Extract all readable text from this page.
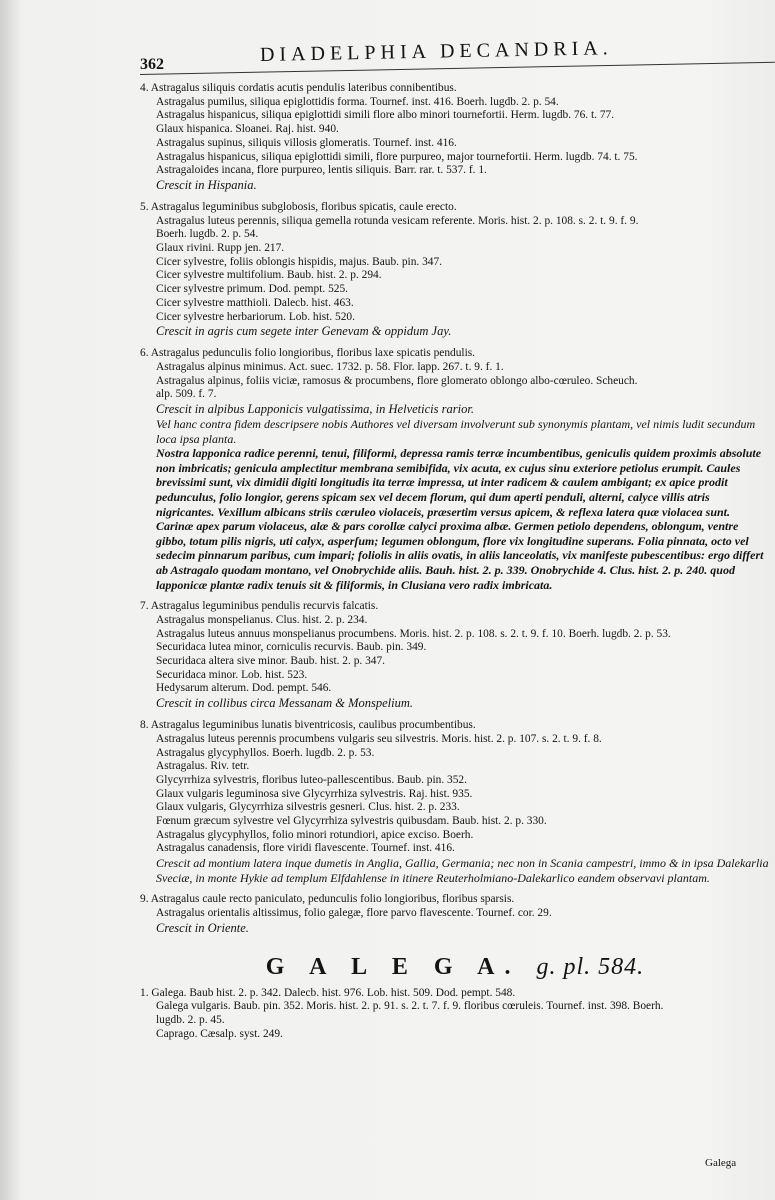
362	DIADELPHIA DECANDRIA.
4. Astragalus siliquis cordatis acutis pendulis lateribus connibentibus.
Astragalus pumilus, siliqua epiglottidis forma. Tournef. inst. 416. Boerh. lugdb. 2. p. 54.
Astragalus hispanicus, siliqua epiglottidi simili flore albo minori tournefortii. Herm. lugdb. 76. t. 77.
Glaux hispanica. Sloanei. Raj. hist. 940.
Astragalus supinus, siliquis villosis glomeratis. Tournef. inst. 416.
Astragalus hispanicus, siliqua epiglottidi simili, flore purpureo, major tournefortii. Herm. lugdb. 74. t. 75.
Astragaloides incana, flore purpureo, lentis siliquis. Barr. rar. t. 537. f. 1.
Crescit in Hispania.
5. Astragalus leguminibus subglobosis, floribus spicatis, caule erecto.
Astragalus luteus perennis, siliqua gemella rotunda vesicam referente. Moris. hist. 2. p. 108. s. 2. t. 9. f. 9.
Boerh. lugdb. 2. p. 54.
Glaux rivini. Rupp jen. 217.
Cicer sylvestre, foliis oblongis hispidis, majus. Baub. pin. 347.
Cicer sylvestre multifolium. Baub. hist. 2. p. 294.
Cicer sylvestre primum. Dod. pempt. 525.
Cicer sylvestre matthioli. Dalecb. hist. 463.
Cicer sylvestre herbariorum. Lob. hist. 520.
Crescit in agris cum segete inter Genevam & oppidum Jay.
6. Astragalus pedunculis folio longioribus, floribus laxe spicatis pendulis.
Astragalus alpinus minimus. Act. suec. 1732. p. 58. Flor. lapp. 267. t. 9. f. 1.
Astragalus alpinus, foliis viciæ, ramosus & procumbens, flore glomerato oblongo albo-cœruleo. Scheuch.
alp. 509. f. 7.
Crescit in alpibus Lapponicis vulgatissima, in Helveticis rarior.
Vel hanc contra fidem descripsere nobis Authores vel diversam involverunt sub synonymis plantam, vel nimis ludit secundum loca ipsa planta.
Nostra lapponica radice perenni, tenui, filiformi, depressa ramis terræ incumbentibus, geniculis quidem proximis absolute non imbricatis; genicula amplectitur membrana semibifida, vix acuta, ex cujus sinu exteriore petiolus erumpit. Caules brevissimi sunt, vix dimidii digiti longitudis ita terræ impressa, ut inter radicem & caulem ambigant; ex apice prodit pedunculus, folio longior, gerens spicam sex vel decem florum, qui dum aperti penduli, alterni, calyce villis atris nigricantes. Vexillum albicans striis cæruleo violaceis, præsertim versus apicem, & reflexa latera quæ violacea sunt. Carinæ apex parum violaceus, alæ & pars corollæ calyci proxima albæ. Germen petiolo dependens, oblongum, ventre gibbo, totum pilis nigris, uti calyx, asperſum; legumen oblongum, flore vix longitudine superans. Folia pinnata, octo vel sedecim pinnarum paribus, cum impari; foliolis in aliis ovatis, in aliis lanceolatis, vix manifeste pubescentibus: ergo differt ab Astragalo quodam montano, vel Onobrychide aliis. Bauh. hist. 2. p. 339. Onobrychide 4. Clus. hist. 2. p. 240. quod lapponicæ plantæ radix tenuis sit & filiformis, in Clusiana vero radix imbricata.
7. Astragalus leguminibus pendulis recurvis falcatis.
Astragalus monspelianus. Clus. hist. 2. p. 234.
Astragalus luteus annuus monspelianus procumbens. Moris. hist. 2. p. 108. s. 2. t. 9. f. 10. Boerh. lugdb. 2. p. 53.
Securidaca lutea minor, corniculis recurvis. Baub. pin. 349.
Securidaca altera sive minor. Baub. hist. 2. p. 347.
Securidaca minor. Lob. hist. 523.
Hedysarum alterum. Dod. pempt. 546.
Crescit in collibus circa Messanam & Monspelium.
8. Astragalus leguminibus lunatis biventricosis, caulibus procumbentibus.
Astragalus luteus perennis procumbens vulgaris seu silvestris. Moris. hist. 2. p. 107. s. 2. t. 9. f. 8.
Astragalus glycyphyllos. Boerh. lugdb. 2. p. 53.
Astragalus. Riv. tetr.
Glycyrrhiza sylvestris, floribus luteo-pallescentibus. Baub. pin. 352.
Glaux vulgaris leguminosa sive Glycyrrhiza sylvestris. Raj. hist. 935.
Glaux vulgaris, Glycyrrhiza silvestris gesneri. Clus. hist. 2. p. 233.
Fœnum græcum sylvestre vel Glycyrrhiza sylvestris quibusdam. Baub. hist. 2. p. 330.
Astragalus glycyphyllos, folio minori rotundiori, apice exciso. Boerh.
Astragalus canadensis, flore viridi flavescente. Tournef. inst. 416.
Crescit ad montium latera inque dumetis in Anglia, Gallia, Germania; nec non in Scania campestri, immo & in ipsa Dalekarlia Sveciæ, in monte Hykie ad templum Elfdahlense in itinere Reuterholmiano-Dalekarlico eandem observavi plantam.
9. Astragalus caule recto paniculato, pedunculis folio longioribus, floribus sparsis.
Astragalus orientalis altissimus, folio galegæ, flore parvo flavescente. Tournef. cor. 29.
Crescit in Oriente.
G A L E G A. g. pl. 584.
1. Galega. Baub hist. 2. p. 342. Dalecb. hist. 976. Lob. hist. 509. Dod. pempt. 548.
Galega vulgaris. Baub. pin. 352. Moris. hist. 2. p. 91. s. 2. t. 7. f. 9. floribus cœruleis. Tournef. inst. 398. Boerh.
lugdb. 2. p. 45.
Caprago. Cæsalp. syst. 249.
Galega
